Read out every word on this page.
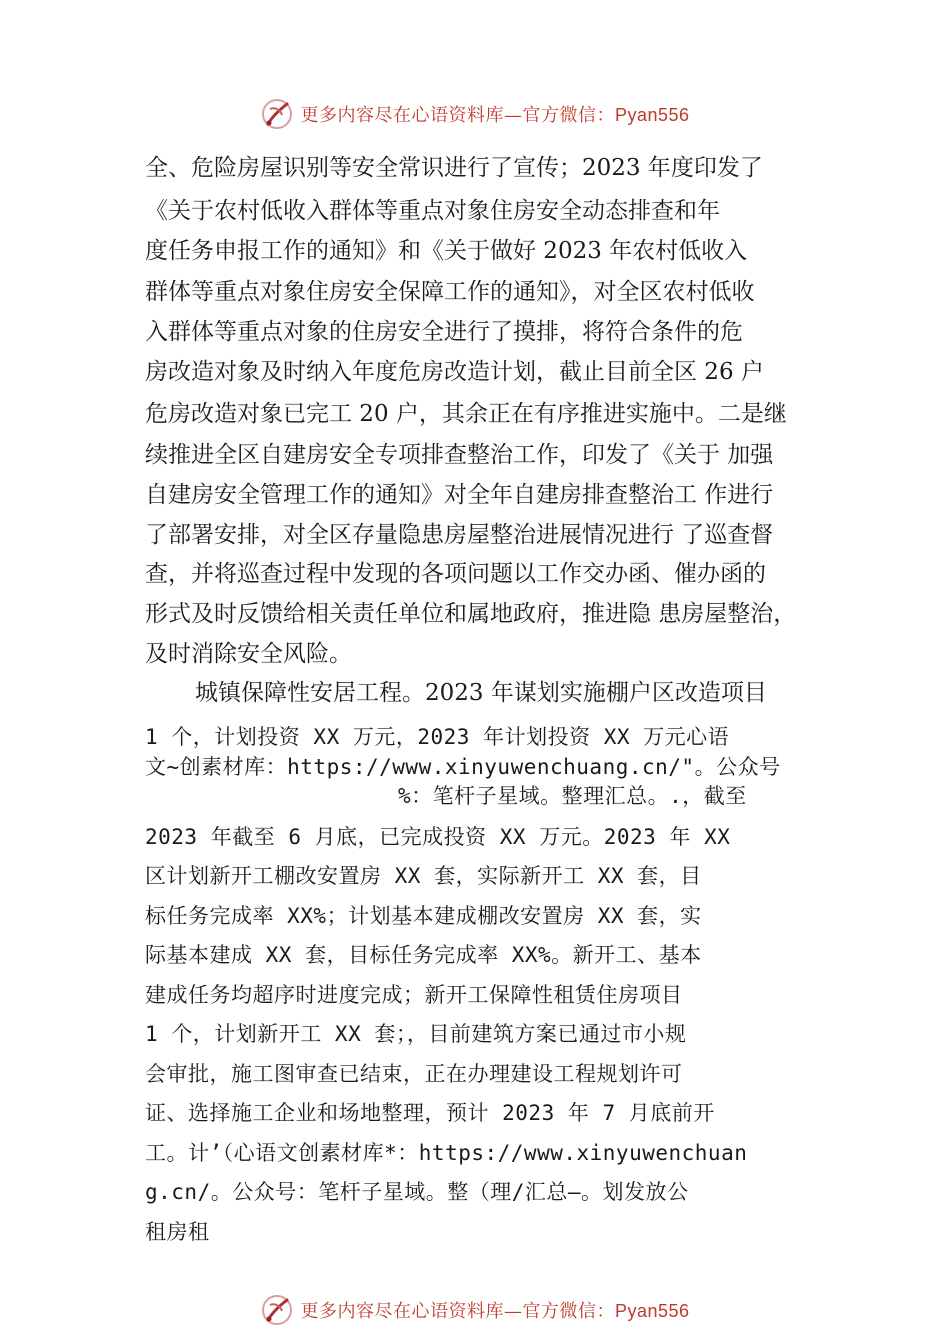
更多内容尽在心语资料库—官方微信：Pyan556
全、危险房屋识别等安全常识进行了宣传；2023 年度印发了
《关于农村低收入群体等重点对象住房安全动态排查和年
度任务申报工作的通知》和《关于做好 2023 年农村低收入
群体等重点对象住房安全保障工作的通知》，对全区农村低收
入群体等重点对象的住房安全进行了摸排，将符合条件的危
房改造对象及时纳入年度危房改造计划，截止目前全区 26 户
危房改造对象已完工 20 户，其余正在有序推进实施中。二是继
续推进全区自建房安全专项排查整治工作，印发了《关于 加强
自建房安全管理工作的通知》对全年自建房排查整治工 作进行
了部署安排，对全区存量隐患房屋整治进展情况进行 了巡查督
查，并将巡查过程中发现的各项问题以工作交办函、催办函的
形式及时反馈给相关责任单位和属地政府，推进隐 患房屋整治，
及时消除安全风险。
城镇保障性安居工程。2023 年谋划实施棚户区改造项目
1 个，计划投资 XX 万元，2023 年计划投资 XX 万元心语
文~创素材库：https://www.xinyuwenchuang.cn/"。公众号
%：笔杆子星域。整理汇总。.，截至
2023 年截至 6 月底，已完成投资 XX 万元。2023 年 XX
区计划新开工棚改安置房 XX 套，实际新开工 XX 套，目
标任务完成率 XX%；计划基本建成棚改安置房 XX 套，实
际基本建成 XX 套，目标任务完成率 XX%。新开工、基本
建成任务均超序时进度完成；新开工保障性租赁住房项目
1 个，计划新开工 XX 套；，目前建筑方案已通过市小规
会审批，施工图审查已结束，正在办理建设工程规划许可
证、选择施工企业和场地整理，预计 2023 年 7 月底前开
工。计’（心语文创素材库*：https://www.xinyuwenchuan
g.cn/。公众号：笔杆子星域。整（理/汇总—。划发放公
租房租
更多内容尽在心语资料库—官方微信：Pyan556
